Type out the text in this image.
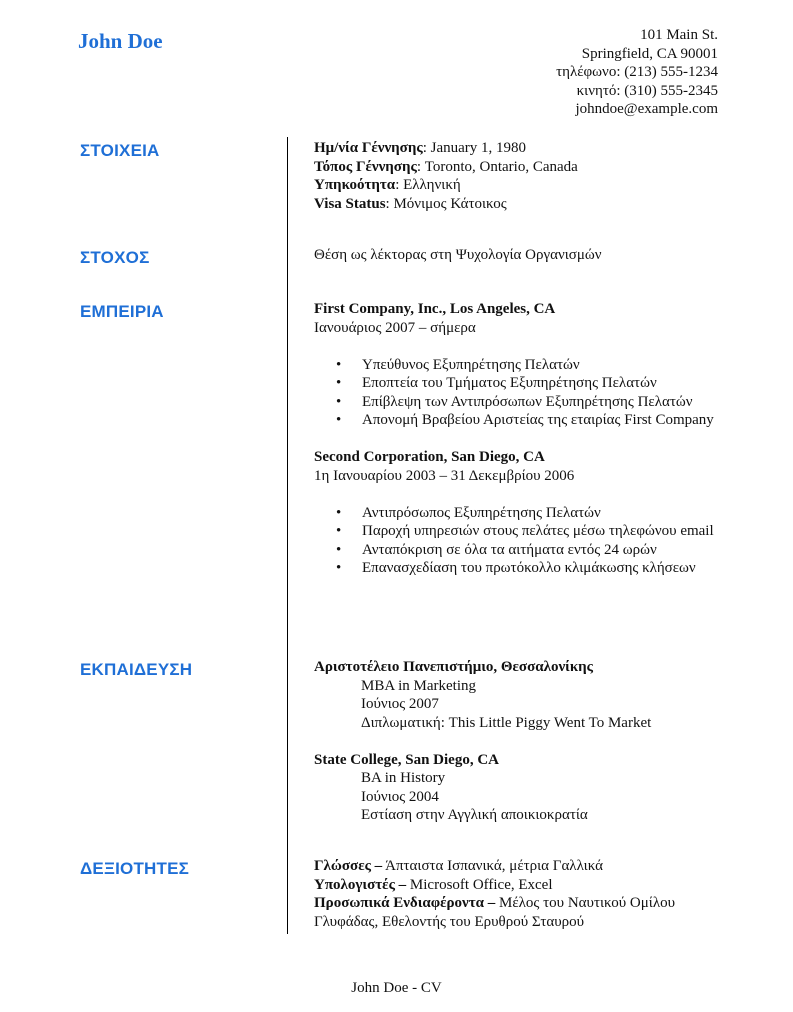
John Doe	101 Main St.
Springfield, CA 90001
τηλέφωνο: (213) 555-1234
κινητό: (310) 555-2345
johndoe@example.com
ΣΤΟΙΧΕΙΑ	Ημ/νία Γέννησης: January 1, 1980
Τόπος Γέννησης: Toronto, Ontario, Canada
Υπηκοότητα: Ελληνική
Visa Status: Μόνιμος Κάτοικος
ΣΤΟΧΟΣ	Θέση ως λέκτορας στη Ψυχολογία Οργανισμών
ΕΜΠΕΙΡΙΑ	First Company, Inc., Los Angeles, CA
Ιανουάριος 2007 – σήμερα
• Υπεύθυνος Εξυπηρέτησης Πελατών
• Εποπτεία του Τμήματος Εξυπηρέτησης Πελατών
• Επίβλεψη των Αντιπρόσωπων Εξυπηρέτησης Πελατών
• Απονομή Βραβείου Αριστείας της εταιρίας First Company
Second Corporation, San Diego, CA
1η Ιανουαρίου 2003 – 31 Δεκεμβρίου 2006
• Αντιπρόσωπος Εξυπηρέτησης Πελατών
• Παροχή υπηρεσιών στους πελάτες μέσω τηλεφώνου email
• Ανταπόκριση σε όλα τα αιτήματα εντός 24 ωρών
• Επανασχεδίαση του πρωτόκολλο κλιμάκωσης κλήσεων
ΕΚΠΑΙΔΕΥΣΗ	Αριστοτέλειο Πανεπιστήμιο, Θεσσαλονίκης
MBA in Marketing
Ιούνιος 2007
Διπλωματική: This Little Piggy Went To Market
State College, San Diego, CA
BA in History
Ιούνιος 2004
Εστίαση στην Αγγλική αποικιοκρατία
ΔΕΞΙΟΤΗΤΕΣ	Γλώσσες – Άπταιστα Ισπανικά, μέτρια Γαλλικά
Υπολογιστές – Microsoft Office, Excel
Προσωπικά Ενδιαφέροντα – Μέλος του Ναυτικού Ομίλου Γλυφάδας, Εθελοντής του Ερυθρού Σταυρού
John Doe - CV
